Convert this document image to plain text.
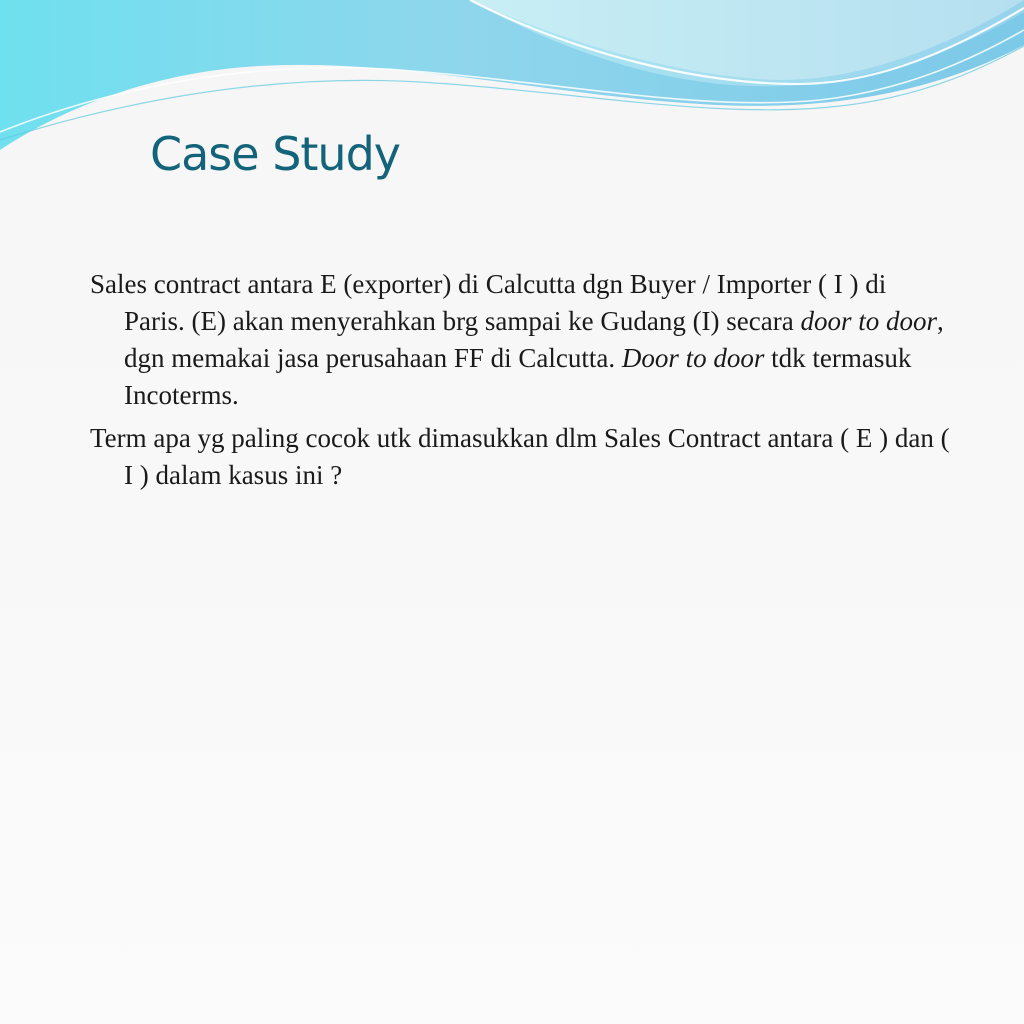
Case Study

Sales contract antara E (exporter) di Calcutta dgn Buyer / Importer ( I ) di Paris. (E) akan menyerahkan brg sampai ke Gudang (I) secara door to door, dgn memakai jasa perusahaan FF di Calcutta. Door to door tdk termasuk Incoterms.

Term apa yg paling cocok utk dimasukkan dlm Sales Contract antara ( E ) dan ( I ) dalam kasus ini ?
